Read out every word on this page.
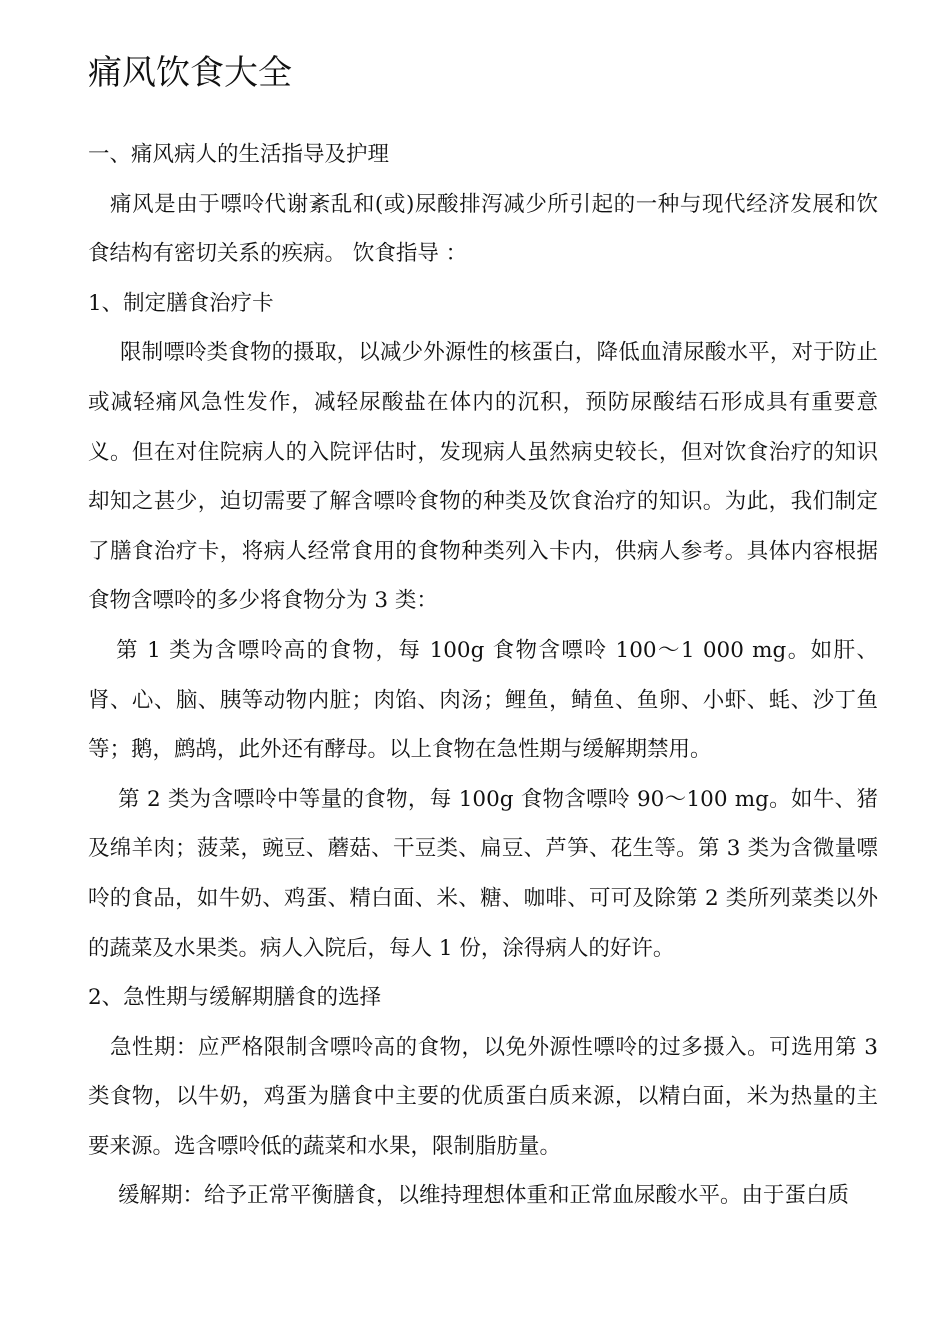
痛风饮食大全

一、痛风病人的生活指导及护理

痛风是由于嘌呤代谢紊乱和(或)尿酸排泻减少所引起的一种与现代经济发展和饮食结构有密切关系的疾病。 饮食指导 ：

1、制定膳食治疗卡

限制嘌呤类食物的摄取，以减少外源性的核蛋白，降低血清尿酸水平，对于防止或减轻痛风急性发作，减轻尿酸盐在体内的沉积，预防尿酸结石形成具有重要意义。但在对住院病人的入院评估时，发现病人虽然病史较长，但对饮食治疗的知识却知之甚少，迫切需要了解含嘌呤食物的种类及饮食治疗的知识。为此，我们制定了膳食治疗卡，将病人经常食用的食物种类列入卡内，供病人参考。具体内容根据食物含嘌呤的多少将食物分为 3 类：

第 1 类为含嘌呤高的食物，每 100g 食物含嘌呤 100～1 000 mg。如肝、肾、心、脑、胰等动物内脏；肉馅、肉汤；鲤鱼，鲭鱼、鱼卵、小虾、蚝、沙丁鱼等；鹅，鹧鸪，此外还有酵母。以上食物在急性期与缓解期禁用。

第 2 类为含嘌呤中等量的食物，每 100g 食物含嘌呤 90～100 mg。如牛、猪及绵羊肉；菠菜，豌豆、蘑菇、干豆类、扁豆、芦笋、花生等。第 3 类为含微量嘌呤的食品，如牛奶、鸡蛋、精白面、米、糖、咖啡、可可及除第 2 类所列菜类以外的蔬菜及水果类。病人入院后，每人 1 份，涂得病人的好许。

2、急性期与缓解期膳食的选择

急性期：应严格限制含嘌呤高的食物，以免外源性嘌呤的过多摄入。可选用第 3 类食物，以牛奶，鸡蛋为膳食中主要的优质蛋白质来源，以精白面，米为热量的主要来源。选含嘌呤低的蔬菜和水果，限制脂肪量。

缓解期：给予正常平衡膳食，以维持理想体重和正常血尿酸水平。由于蛋白质
